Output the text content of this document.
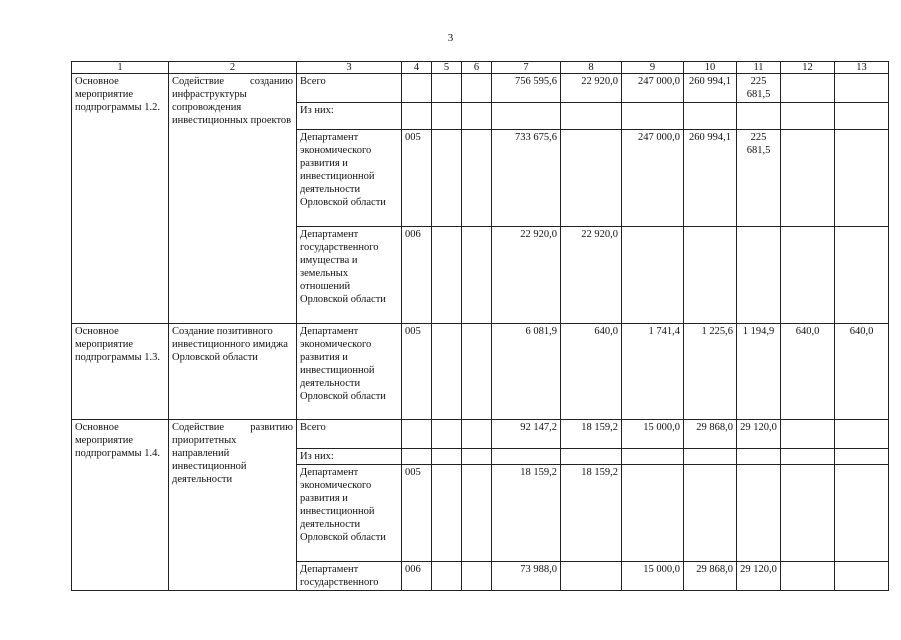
3
1	2	3	4	5	6	7	8	9	10	11	12	13
Основное мероприятие подпрограммы 1.2.	Содействие созданию инфраструктуры сопровождения инвестиционных проектов	Всего				756 595,6	22 920,0	247 000,0	260 994,1	225 681,5		
		Из них:										
		Департамент экономического развития и инвестиционной деятельности Орловской области	005			733 675,6		247 000,0	260 994,1	225 681,5		
		Департамент государственного имущества и земельных отношений Орловской области	006			22 920,0	22 920,0					
Основное мероприятие подпрограммы 1.3.	Создание позитивного инвестиционного имиджа Орловской области	Департамент экономического развития и инвестиционной деятельности Орловской области	005			6 081,9	640,0	1 741,4	1 225,6	1 194,9	640,0	640,0
Основное мероприятие подпрограммы 1.4.	Содействие развитию приоритетных направлений инвестиционной деятельности	Всего				92 147,2	18 159,2	15 000,0	29 868,0	29 120,0		
		Из них:										
		Департамент экономического развития и инвестиционной деятельности Орловской области	005			18 159,2	18 159,2					
		Департамент государственного	006			73 988,0		15 000,0	29 868,0	29 120,0		
